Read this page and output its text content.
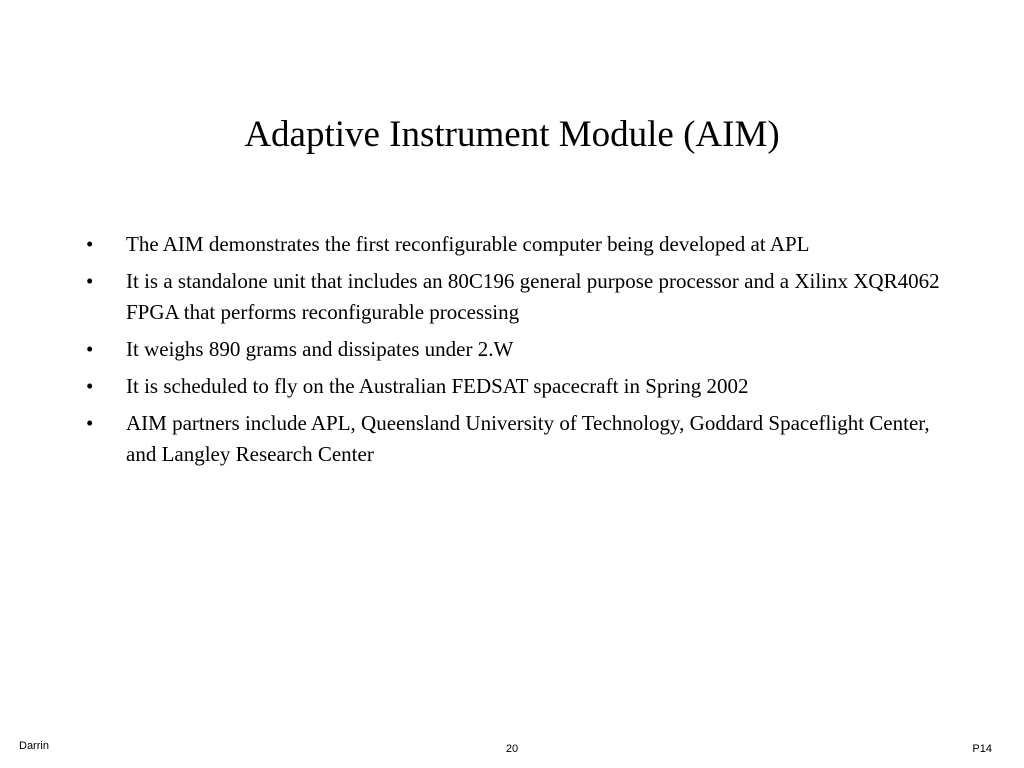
Adaptive Instrument Module (AIM)
•	The AIM demonstrates the first reconfigurable computer being developed at APL
•	It is a standalone unit that includes an 80C196 general purpose processor and a Xilinx XQR4062 FPGA that performs reconfigurable processing
•	It weighs 890 grams and dissipates under 2.W
•	It is scheduled to fly on the Australian FEDSAT spacecraft in Spring 2002
•	AIM partners include APL, Queensland University of Technology, Goddard Spaceflight Center, and Langley Research Center
Darrin	20	P14
